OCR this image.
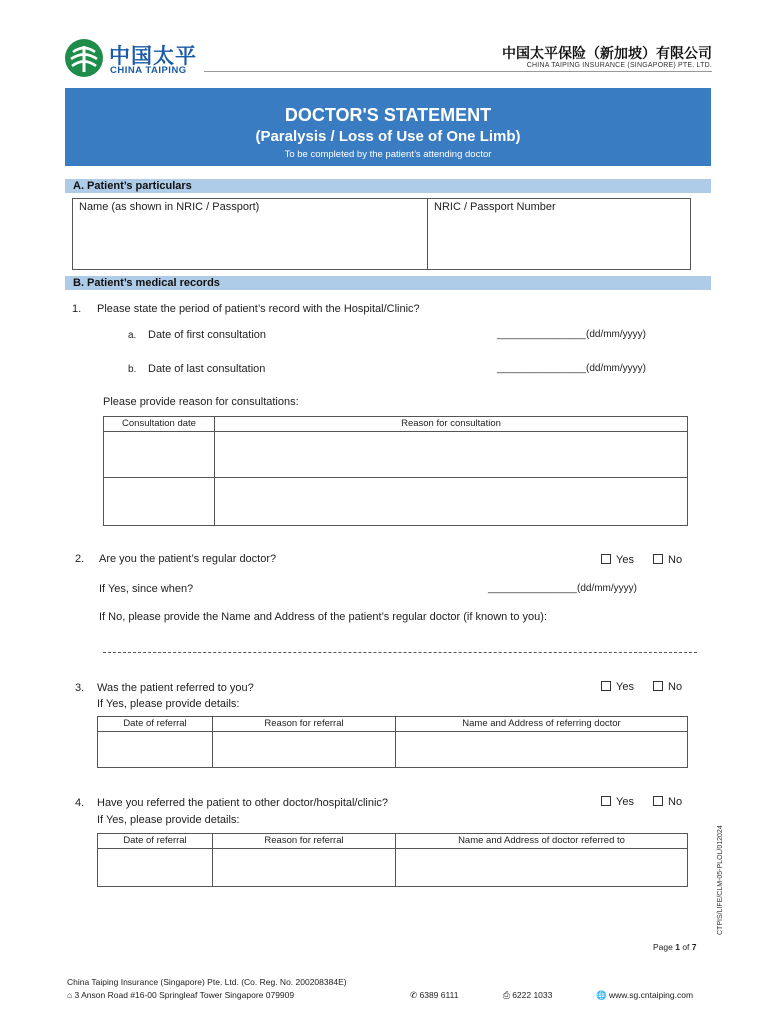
中国太平
CHINA TAIPING
中国太平保险（新加坡）有限公司
CHINA TAIPING INSURANCE (SINGAPORE) PTE. LTD.
DOCTOR'S STATEMENT
(Paralysis / Loss of Use of One Limb)
To be completed by the patient’s attending doctor
A. Patient’s particulars
Name (as shown in NRIC / Passport)	NRIC / Passport Number
B. Patient’s medical records
1. Please state the period of patient’s record with the Hospital/Clinic?
a. Date of first consultation	________________(dd/mm/yyyy)
b. Date of last consultation	________________(dd/mm/yyyy)
Please provide reason for consultations:
Consultation date	Reason for consultation

2. Are you the patient’s regular doctor?	Yes	No
If Yes, since when?	________________(dd/mm/yyyy)
If No, please provide the Name and Address of the patient’s regular doctor (if known to you):
3. Was the patient referred to you?
If Yes, please provide details:
Yes	No
Date of referral	Reason for referral	Name and Address of referring doctor

4. Have you referred the patient to other doctor/hospital/clinic?
If Yes, please provide details:
Yes	No
Date of referral	Reason for referral	Name and Address of doctor referred to
			CTPIS/LIFE/CLM-05-PLOL/012024
Page 1 of 7
China Taiping Insurance (Singapore) Pte. Ltd. (Co. Reg. No. 200208384E)
⌂ 3 Anson Road #16-00 Springleaf Tower Singapore 079909	✆ 6389 6111	⎙ 6222 1033	🌐 www.sg.cntaiping.com
